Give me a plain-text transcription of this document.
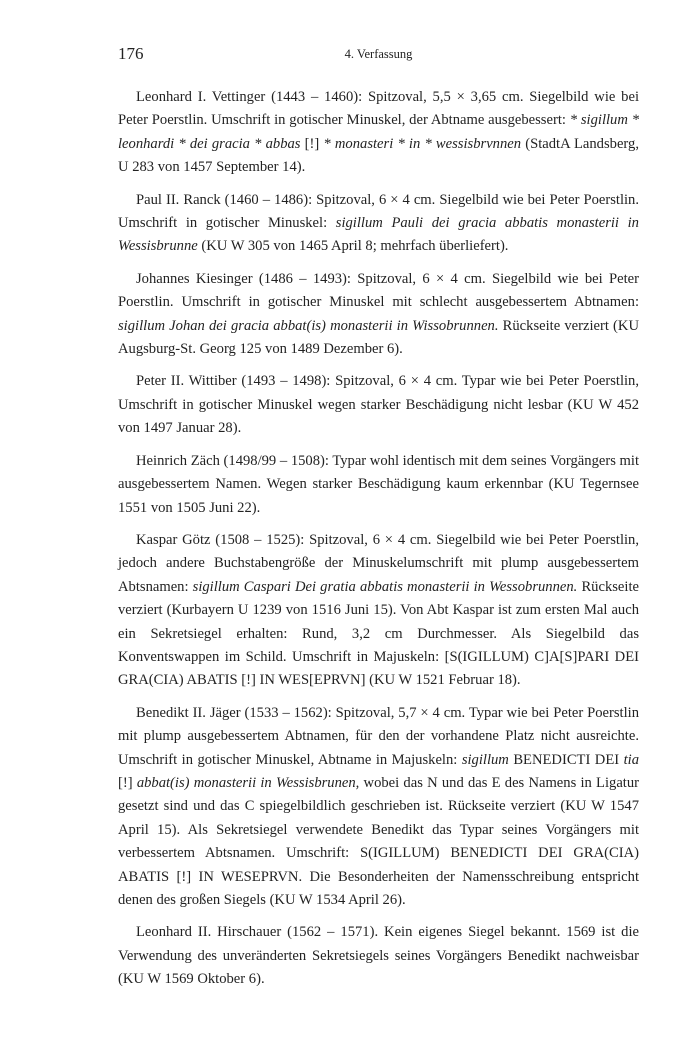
176	4. Verfassung

Leonhard I. Vettinger (1443 – 1460): Spitzoval, 5,5 × 3,65 cm. Siegelbild wie bei Peter Poerstlin. Umschrift in gotischer Minuskel, der Abtname ausgebessert: * sigillum * leonhardi * dei gracia * abbas [!] * monasteri * in * wessisbrvnnen (StadtA Landsberg, U 283 von 1457 September 14).

Paul II. Ranck (1460 – 1486): Spitzoval, 6 × 4 cm. Siegelbild wie bei Peter Poerstlin. Umschrift in gotischer Minuskel: sigillum Pauli dei gracia abbatis monasterii in Wessisbrunne (KU W 305 von 1465 April 8; mehrfach überliefert).

Johannes Kiesinger (1486 – 1493): Spitzoval, 6 × 4 cm. Siegelbild wie bei Peter Poerstlin. Umschrift in gotischer Minuskel mit schlecht ausgebessertem Abtnamen: sigillum Johan dei gracia abbat(is) monasterii in Wissobrunnen. Rückseite verziert (KU Augsburg-St. Georg 125 von 1489 Dezember 6).

Peter II. Wittiber (1493 – 1498): Spitzoval, 6 × 4 cm. Typar wie bei Peter Poerstlin, Umschrift in gotischer Minuskel wegen starker Beschädigung nicht lesbar (KU W 452 von 1497 Januar 28).

Heinrich Zäch (1498/99 – 1508): Typar wohl identisch mit dem seines Vorgängers mit ausgebessertem Namen. Wegen starker Beschädigung kaum erkennbar (KU Tegernsee 1551 von 1505 Juni 22).

Kaspar Götz (1508 – 1525): Spitzoval, 6 × 4 cm. Siegelbild wie bei Peter Poerstlin, jedoch andere Buchstabengröße der Minuskelumschrift mit plump ausgebessertem Abtsnamen: sigillum Caspari Dei gratia abbatis monasterii in Wessobrunnen. Rückseite verziert (Kurbayern U 1239 von 1516 Juni 15). Von Abt Kaspar ist zum ersten Mal auch ein Sekretsiegel erhalten: Rund, 3,2 cm Durchmesser. Als Siegelbild das Konventswappen im Schild. Umschrift in Majuskeln: [S(IGILLUM) C]A[S]PARI DEI GRA(CIA) ABATIS [!] IN WES[EPRVN] (KU W 1521 Februar 18).

Benedikt II. Jäger (1533 – 1562): Spitzoval, 5,7 × 4 cm. Typar wie bei Peter Poerstlin mit plump ausgebessertem Abtnamen, für den der vorhandene Platz nicht ausreichte. Umschrift in gotischer Minuskel, Abtname in Majuskeln: sigillum BENEDICTI DEI tia [!] abbat(is) monasterii in Wessisbrunen, wobei das N und das E des Namens in Ligatur gesetzt sind und das C spiegelbildlich geschrieben ist. Rückseite verziert (KU W 1547 April 15). Als Sekretsiegel verwendete Benedikt das Typar seines Vorgängers mit verbessertem Abtsnamen. Umschrift: S(IGILLUM) BENEDICTI DEI GRA(CIA) ABATIS [!] IN WESEPRVN. Die Besonderheiten der Namensschreibung entspricht denen des großen Siegels (KU W 1534 April 26).

Leonhard II. Hirschauer (1562 – 1571). Kein eigenes Siegel bekannt. 1569 ist die Verwendung des unveränderten Sekretsiegels seines Vorgängers Benedikt nachweisbar (KU W 1569 Oktober 6).
